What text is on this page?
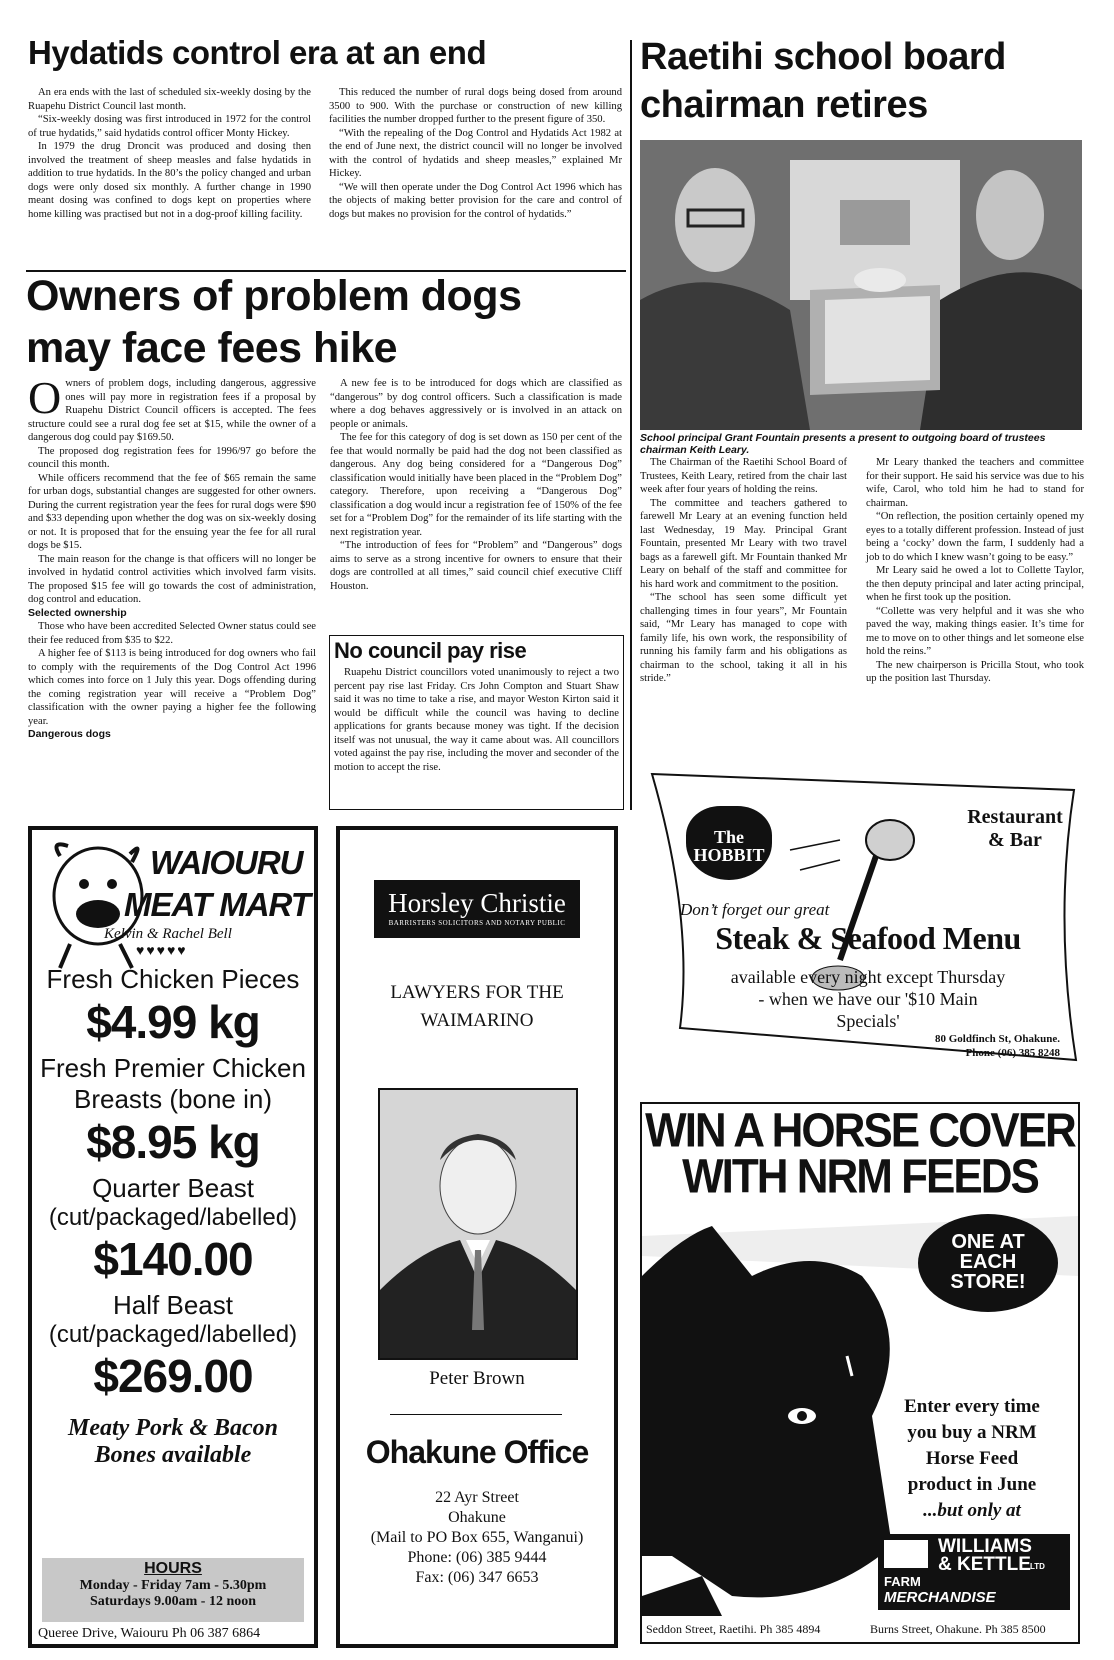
Hydatids control era at an end

An era ends with the last of scheduled six-weekly dosing by the Ruapehu District Council last month.

“Six-weekly dosing was first introduced in 1972 for the control of true hydatids,” said hydatids control officer Monty Hickey.

In 1979 the drug Droncit was produced and dosing then involved the treatment of sheep measles and false hydatids in addition to true hydatids. In the 80’s the policy changed and urban dogs were only dosed six monthly. A further change in 1990 meant dosing was confined to dogs kept on properties where home killing was practised but not in a dog-proof killing facility.

This reduced the number of rural dogs being dosed from around 3500 to 900. With the purchase or construction of new killing facilities the number dropped further to the present figure of 350.

“With the repealing of the Dog Control and Hydatids Act 1982 at the end of June next, the district council will no longer be involved with the control of hydatids and sheep measles,” explained Mr Hickey.

“We will then operate under the Dog Control Act 1996 which has the objects of making better provision for the care and control of dogs but makes no provision for the control of hydatids.”

Owners of problem dogs
may face fees hike
O wners of problem dogs, including dangerous, aggressive ones will pay more in registration fees if a proposal by Ruapehu District Council officers is accepted. The fees structure could see a rural dog fee set at $15, while the owner of a dangerous dog could pay $169.50.

The proposed dog registration fees for 1996/97 go before the council this month.

While officers recommend that the fee of $65 remain the same for urban dogs, substantial changes are suggested for other owners. During the current registration year the fees for rural dogs were $90 and $33 depending upon whether the dog was on six-weekly dosing or not. It is proposed that for the ensuing year the fee for all rural dogs be $15.

The main reason for the change is that officers will no longer be involved in hydatid control activities which involved farm visits. The proposed $15 fee will go towards the cost of administration, dog control and education.

Selected ownership

Those who have been accredited Selected Owner status could see their fee reduced from $35 to $22.

A higher fee of $113 is being introduced for dog owners who fail to comply with the requirements of the Dog Control Act 1996 which comes into force on 1 July this year. Dogs offending during the coming registration year will receive a “Problem Dog” classification with the owner paying a higher fee the following year.

Dangerous dogs

A new fee is to be introduced for dogs which are classified as “dangerous” by dog control officers. Such a classification is made where a dog behaves aggressively or is involved in an attack on people or animals.

The fee for this category of dog is set down as 150 per cent of the fee that would normally be paid had the dog not been classified as dangerous. Any dog being considered for a “Dangerous Dog” classification would initially have been placed in the “Problem Dog” category. Therefore, upon receiving a “Dangerous Dog” classification a dog would incur a registration fee of 150% of the fee set for a “Problem Dog” for the remainder of its life starting with the next registration year.

“The introduction of fees for “Problem” and “Dangerous” dogs aims to serve as a strong incentive for owners to ensure that their dogs are controlled at all times,” said council chief executive Cliff Houston.

No council pay rise

Ruapehu District councillors voted unanimously to reject a two percent pay rise last Friday. Crs John Compton and Stuart Shaw said it was no time to take a rise, and mayor Weston Kirton said it would be difficult while the council was having to decline applications for grants because money was tight. If the decision itself was not unusual, the way it came about was. All councillors voted against the pay rise, including the mover and seconder of the motion to accept the rise.

Raetihi school board
chairman retires
School principal Grant Fountain presents a present to outgoing board of trustees chairman Keith Leary.

The Chairman of the Raetihi School Board of Trustees, Keith Leary, retired from the chair last week after four years of holding the reins.

The committee and teachers gathered to farewell Mr Leary at an evening function held last Wednesday, 19 May. Principal Grant Fountain, presented Mr Leary with two travel bags as a farewell gift. Mr Fountain thanked Mr Leary on behalf of the staff and committee for his hard work and commitment to the position.

“The school has seen some difficult yet challenging times in four years”, Mr Fountain said, “Mr Leary has managed to cope with family life, his own work, the responsibility of running his family farm and his obligations as chairman to the school, taking it all in his stride.”

Mr Leary thanked the teachers and committee for their support. He said his service was due to his wife, Carol, who told him he had to stand for chairman.

“On reflection, the position certainly opened my eyes to a totally different profession. Instead of just being a ‘cocky’ down the farm, I suddenly had a job to do which I knew wasn’t going to be easy.”

Mr Leary said he owed a lot to Collette Taylor, the then deputy principal and later acting principal, when he first took up the position.

“Collette was very helpful and it was she who paved the way, making things easier. It’s time for me to move on to other things and let someone else hold the reins.”

The new chairperson is Pricilla Stout, who took up the position last Thursday.

WAIOURU
MEAT MART
Kelvin & Rachel Bell
♥♥♥♥♥
Fresh Chicken Pieces
$4.99 kg
Fresh Premier Chicken
Breasts (bone in)
$8.95 kg
Quarter Beast
(cut/packaged/labelled)
$140.00
Half Beast
(cut/packaged/labelled)
$269.00
Meaty Pork & Bacon
Bones available
HOURS
Monday - Friday 7am - 5.30pm
Saturdays 9.00am - 12 noon
Queree Drive, Waiouru Ph 06 387 6864
Horsley Christie
BARRISTERS SOLICITORS AND NOTARY PUBLIC
LAWYERS FOR THE
WAIMARINO
Peter Brown
Ohakune Office
22 Ayr Street
Ohakune
(Mail to PO Box 655, Wanganui)
Phone: (06) 385 9444
Fax: (06) 347 6653
The HOBBIT
Restaurant
& Bar
Don’t forget our great
Steak & Seafood Menu
available every night except Thursday
- when we have our '$10 Main
Specials'
80 Goldfinch St, Ohakune.
Phone (06) 385 8248
WIN A HORSE COVER
WITH NRM FEEDS
ONE AT
EACH
STORE!
Enter every time
you buy a NRM
Horse Feed
product in June
...but only at
WILLIAMS
& KETTLE LTD
FARM
MERCHANDISE
Seddon Street, Raetihi. Ph 385 4894	Burns Street, Ohakune. Ph 385 8500
